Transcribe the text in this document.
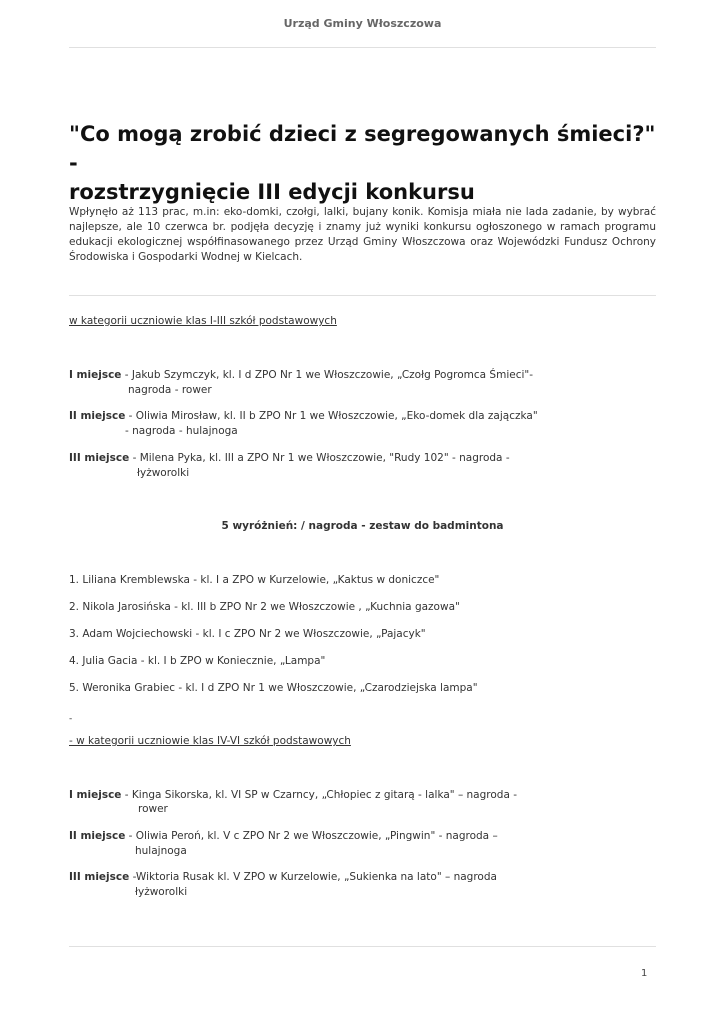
Urząd Gminy Włoszczowa
"Co mogą zrobić dzieci z segregowanych śmieci?" -
rozstrzygnięcie III edycji konkursu

Wpłynęło aż 113 prac, m.in: eko-domki, czołgi, lalki, bujany konik. Komisja miała nie lada zadanie, by wybrać najlepsze, ale 10 czerwca br. podjęła decyzję i znamy już wyniki konkursu ogłoszonego w ramach programu edukacji ekologicznej współfinasowanego przez Urząd Gminy Włoszczowa oraz Wojewódzki Fundusz Ochrony Środowiska i Gospodarki Wodnej w Kielcach.

w kategorii uczniowie klas I-III szkół podstawowych
I miejsce - Jakub Szymczyk, kl. I d ZPO Nr 1 we Włoszczowie, „Czołg Pogromca Śmieci"-
nagroda - rower
II miejsce - Oliwia Mirosław, kl. II b ZPO Nr 1 we Włoszczowie, „Eko-domek dla zajączka"
- nagroda - hulajnoga
III miejsce - Milena Pyka, kl. III a ZPO Nr 1 we Włoszczowie, "Rudy 102" - nagroda -
łyżworolki
5 wyróżnień: / nagroda - zestaw do badmintona
1. Liliana Kremblewska - kl. I a ZPO w Kurzelowie, „Kaktus w doniczce"
2. Nikola Jarosińska - kl. III b ZPO Nr 2 we Włoszczowie , „Kuchnia gazowa"
3. Adam Wojciechowski - kl. I c ZPO Nr 2 we Włoszczowie, „Pajacyk"
4. Julia Gacia - kl. I b ZPO w Koniecznie, „Lampa"
5. Weronika Grabiec - kl. I d ZPO Nr 1 we Włoszczowie, „Czarodziejska lampa"
-
- w kategorii uczniowie klas IV-VI szkół podstawowych
I miejsce - Kinga Sikorska, kl. VI SP w Czarncy, „Chłopiec z gitarą - lalka" – nagroda -
rower
II miejsce - Oliwia Peroń, kl. V c ZPO Nr 2 we Włoszczowie, „Pingwin" - nagroda –
hulajnoga
III miejsce -Wiktoria Rusak kl. V ZPO w Kurzelowie, „Sukienka na lato" – nagroda
łyżworolki
1
